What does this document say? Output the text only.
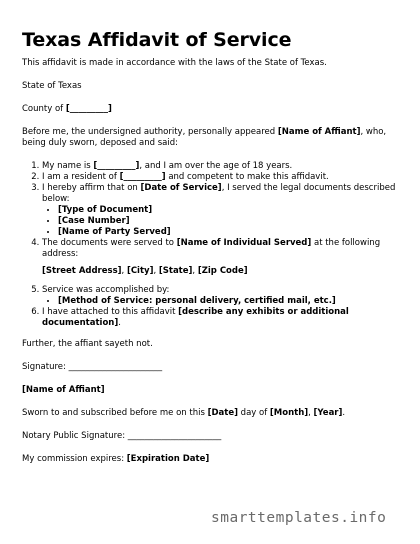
Texas Affidavit of Service

This affidavit is made in accordance with the laws of the State of Texas.

State of Texas

County of [_________]

Before me, the undersigned authority, personally appeared [Name of Affiant], who, being duly sworn, deposed and said:

1. My name is [_________], and I am over the age of 18 years.
2. I am a resident of [_________] and competent to make this affidavit.
3. I hereby affirm that on [Date of Service], I served the legal documents described below:
• [Type of Document]
• [Case Number]
• [Name of Party Served]
4. The documents were served to [Name of Individual Served] at the following address:
[Street Address], [City], [State], [Zip Code]
5. Service was accomplished by:
• [Method of Service: personal delivery, certified mail, etc.]
6. I have attached to this affidavit [describe any exhibits or additional documentation].

Further, the affiant sayeth not.

Signature: ______________________

[Name of Affiant]

Sworn to and subscribed before me on this [Date] day of [Month], [Year].

Notary Public Signature: ______________________

My commission expires: [Expiration Date]

smarttemplates.info
